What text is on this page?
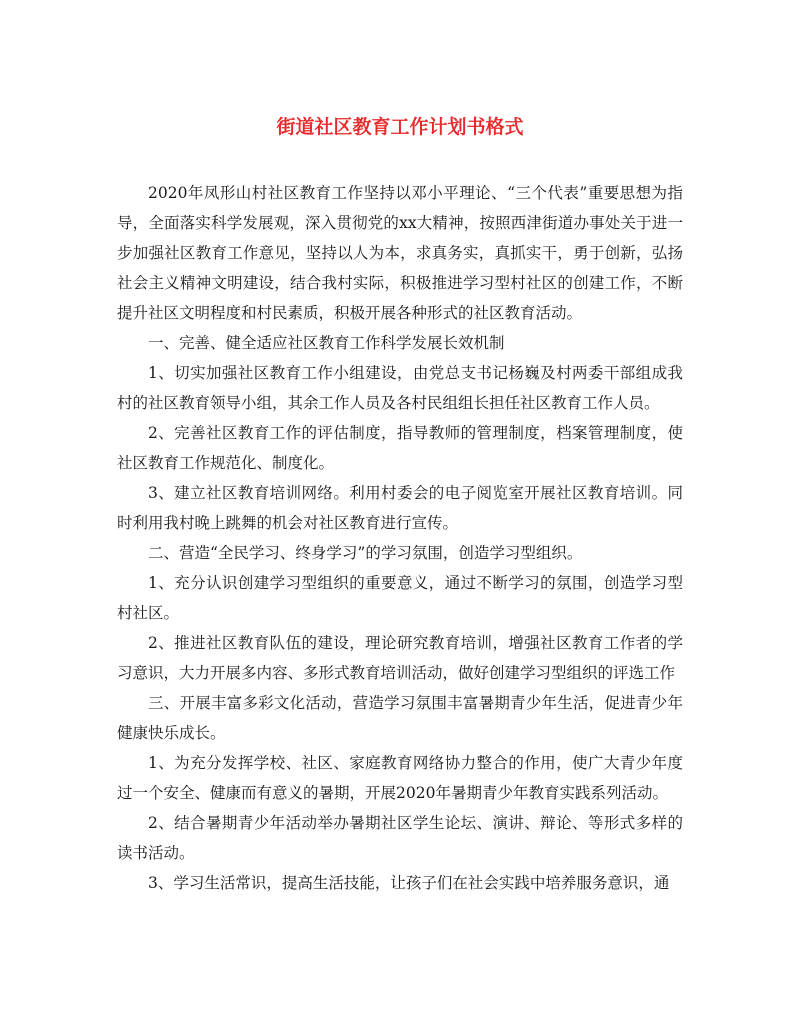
街道社区教育工作计划书格式

2020年凤形山村社区教育工作坚持以邓小平理论、“三个代表”重要思想为指导，全面落实科学发展观，深入贯彻党的xx大精神，按照西津街道办事处关于进一步加强社区教育工作意见，坚持以人为本，求真务实，真抓实干，勇于创新，弘扬社会主义精神文明建设，结合我村实际，积极推进学习型村社区的创建工作，不断提升社区文明程度和村民素质，积极开展各种形式的社区教育活动。

一、完善、健全适应社区教育工作科学发展长效机制

1、切实加强社区教育工作小组建设，由党总支书记杨巍及村两委干部组成我村的社区教育领导小组，其余工作人员及各村民组组长担任社区教育工作人员。

2、完善社区教育工作的评估制度，指导教师的管理制度，档案管理制度，使社区教育工作规范化、制度化。

3、建立社区教育培训网络。利用村委会的电子阅览室开展社区教育培训。同时利用我村晚上跳舞的机会对社区教育进行宣传。

二、营造“全民学习、终身学习”的学习氛围，创造学习型组织。

1、充分认识创建学习型组织的重要意义，通过不断学习的氛围，创造学习型村社区。

2、推进社区教育队伍的建设，理论研究教育培训，增强社区教育工作者的学习意识，大力开展多内容、多形式教育培训活动，做好创建学习型组织的评选工作

三、开展丰富多彩文化活动，营造学习氛围丰富暑期青少年生活，促进青少年健康快乐成长。

1、为充分发挥学校、社区、家庭教育网络协力整合的作用，使广大青少年度过一个安全、健康而有意义的暑期，开展2020年暑期青少年教育实践系列活动。

2、结合暑期青少年活动举办暑期社区学生论坛、演讲、辩论、等形式多样的读书活动。

3、学习生活常识，提高生活技能，让孩子们在社会实践中培养服务意识，通
